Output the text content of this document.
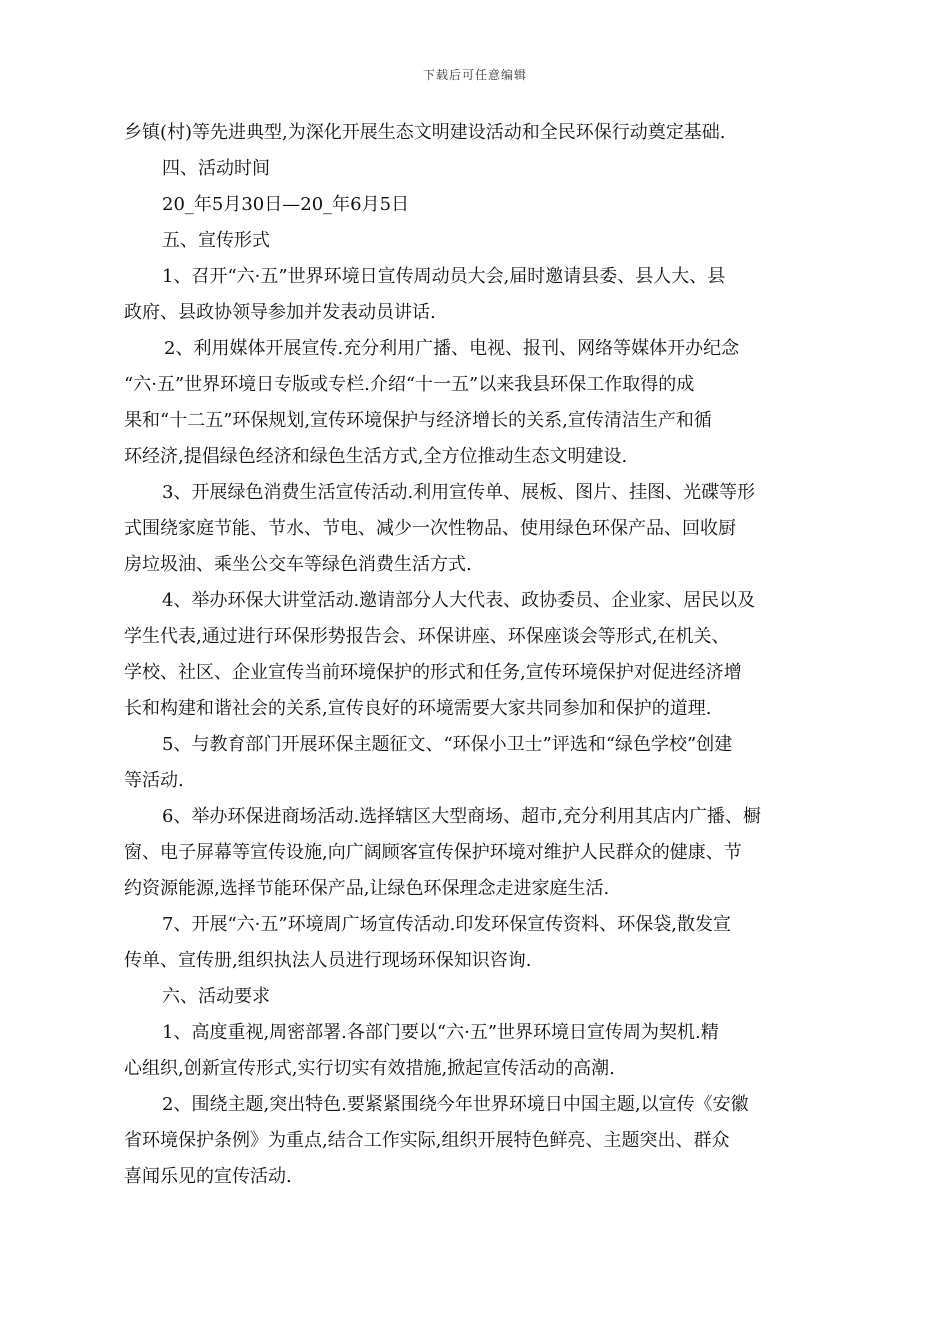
下载后可任意编辑
乡镇(村)等先进典型,为深化开展生态文明建设活动和全民环保行动奠定基础.
四、活动时间
20_年5月30日—20_年6月5日
五、宣传形式
1、召开“六·五”世界环境日宣传周动员大会,届时邀请县委、县人大、县
政府、县政协领导参加并发表动员讲话.
2、利用媒体开展宣传.充分利用广播、电视、报刊、网络等媒体开办纪念
“六·五”世界环境日专版或专栏.介绍“十一五”以来我县环保工作取得的成
果和“十二五”环保规划,宣传环境保护与经济增长的关系,宣传清洁生产和循
环经济,提倡绿色经济和绿色生活方式,全方位推动生态文明建设.
3、开展绿色消费生活宣传活动.利用宣传单、展板、图片、挂图、光碟等形
式围绕家庭节能、节水、节电、减少一次性物品、使用绿色环保产品、回收厨
房垃圾油、乘坐公交车等绿色消费生活方式.
4、举办环保大讲堂活动.邀请部分人大代表、政协委员、企业家、居民以及
学生代表,通过进行环保形势报告会、环保讲座、环保座谈会等形式,在机关、
学校、社区、企业宣传当前环境保护的形式和任务,宣传环境保护对促进经济增
长和构建和谐社会的关系,宣传良好的环境需要大家共同参加和保护的道理.
5、与教育部门开展环保主题征文、“环保小卫士”评选和“绿色学校”创建
等活动.
6、举办环保进商场活动.选择辖区大型商场、超市,充分利用其店内广播、橱
窗、电子屏幕等宣传设施,向广阔顾客宣传保护环境对维护人民群众的健康、节
约资源能源,选择节能环保产品,让绿色环保理念走进家庭生活.
7、开展“六·五”环境周广场宣传活动.印发环保宣传资料、环保袋,散发宣
传单、宣传册,组织执法人员进行现场环保知识咨询.
六、活动要求
1、高度重视,周密部署.各部门要以“六·五”世界环境日宣传周为契机.精
心组织,创新宣传形式,实行切实有效措施,掀起宣传活动的高潮.
2、围绕主题,突出特色.要紧紧围绕今年世界环境日中国主题,以宣传《安徽
省环境保护条例》为重点,结合工作实际,组织开展特色鲜亮、主题突出、群众
喜闻乐见的宣传活动.
